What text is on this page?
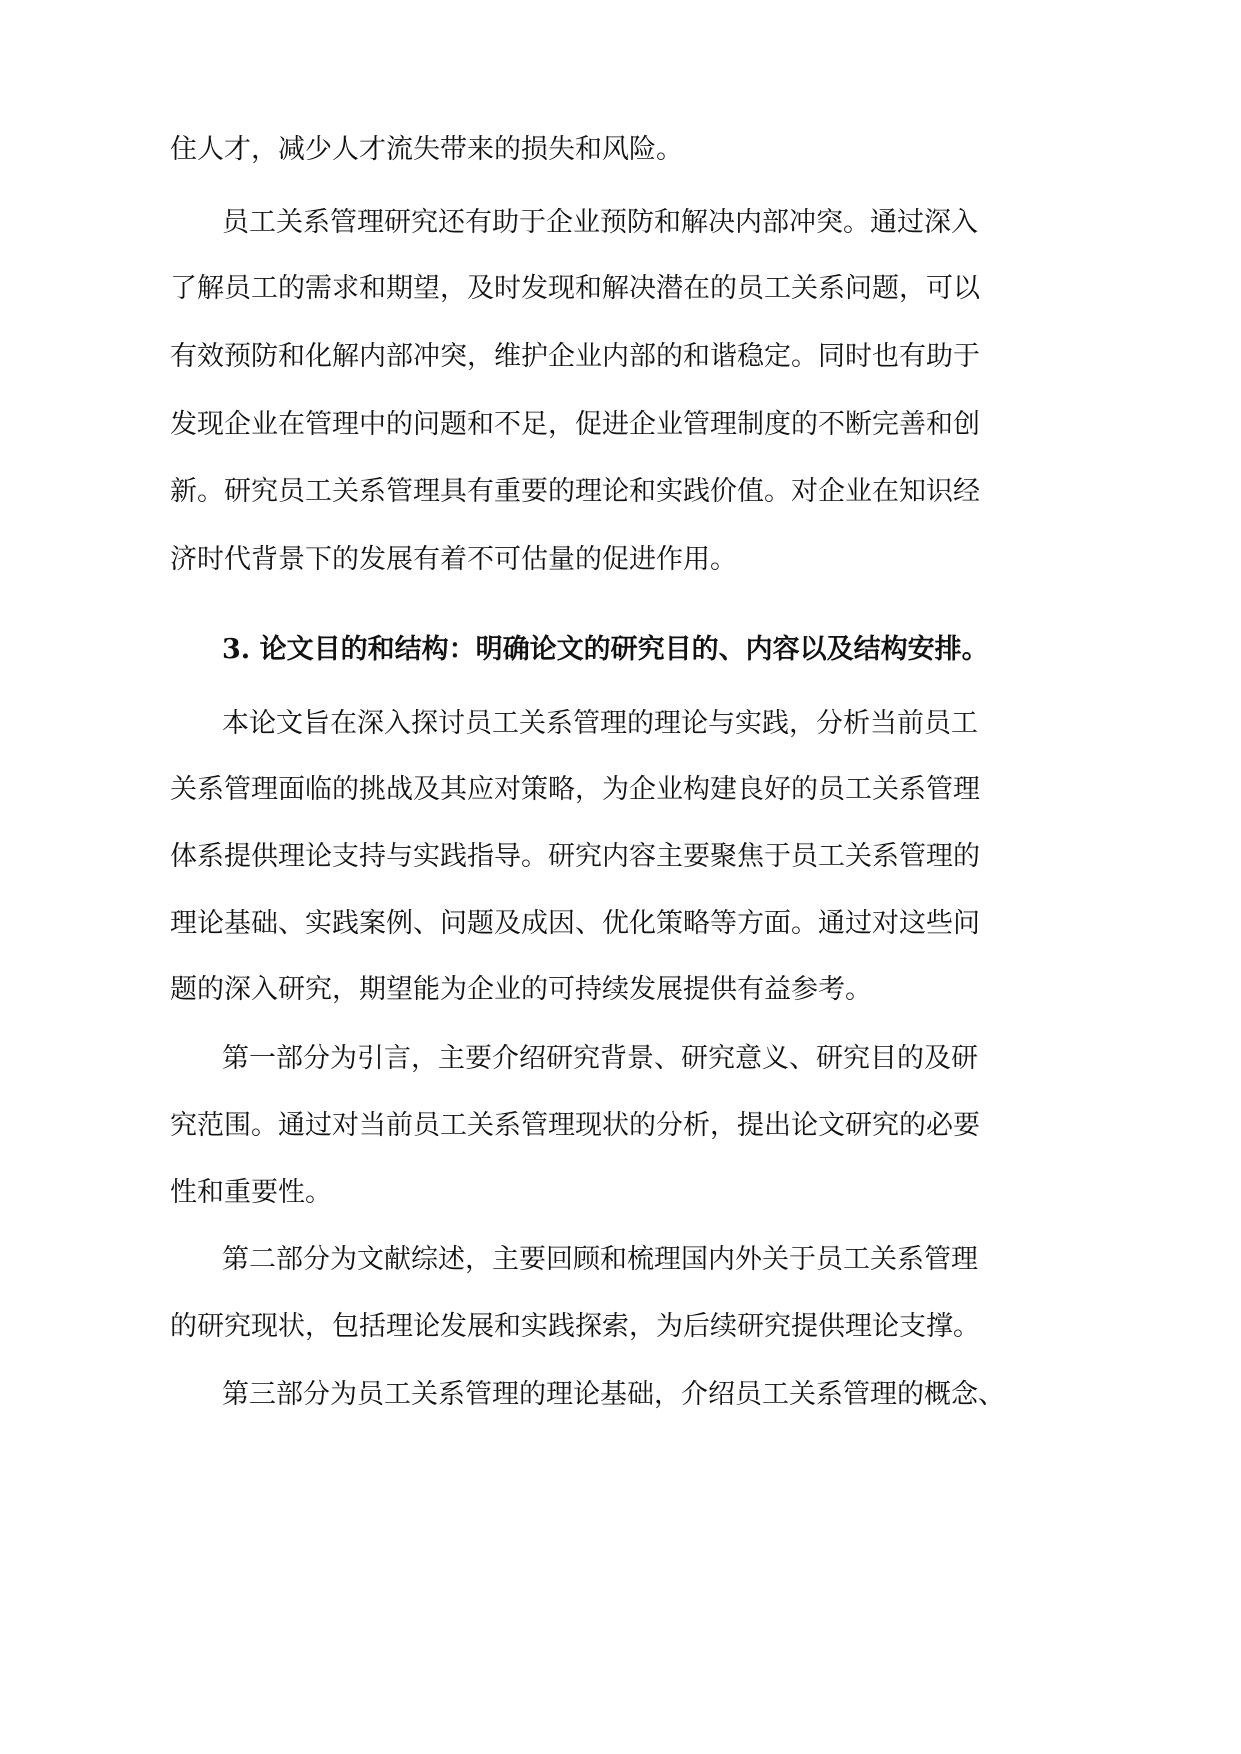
住人才，减少人才流失带来的损失和风险。
员工关系管理研究还有助于企业预防和解决内部冲突。通过深入
了解员工的需求和期望，及时发现和解决潜在的员工关系问题，可以
有效预防和化解内部冲突，维护企业内部的和谐稳定。同时也有助于
发现企业在管理中的问题和不足，促进企业管理制度的不断完善和创
新。研究员工关系管理具有重要的理论和实践价值。对企业在知识经
济时代背景下的发展有着不可估量的促进作用。
3. 论文目的和结构：明确论文的研究目的、内容以及结构安排。
本论文旨在深入探讨员工关系管理的理论与实践，分析当前员工
关系管理面临的挑战及其应对策略，为企业构建良好的员工关系管理
体系提供理论支持与实践指导。研究内容主要聚焦于员工关系管理的
理论基础、实践案例、问题及成因、优化策略等方面。通过对这些问
题的深入研究，期望能为企业的可持续发展提供有益参考。
第一部分为引言，主要介绍研究背景、研究意义、研究目的及研
究范围。通过对当前员工关系管理现状的分析，提出论文研究的必要
性和重要性。
第二部分为文献综述，主要回顾和梳理国内外关于员工关系管理
的研究现状，包括理论发展和实践探索，为后续研究提供理论支撑。
第三部分为员工关系管理的理论基础，介绍员工关系管理的概念、
